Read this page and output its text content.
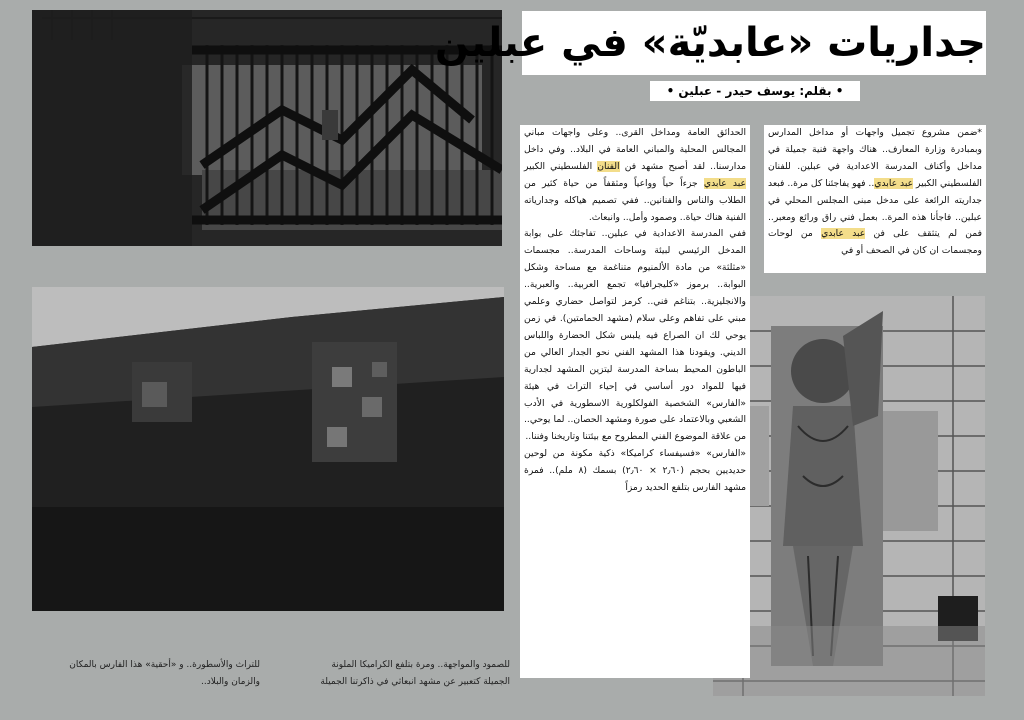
جداريات «عابديّة» في عبلين
• بقلم: يوسف حيدر - عبلين •

*ضمن مشروع تجميل واجهات أو مداخل المدارس وبمبادرة وزارة المعارف.. هناك واجهة فنية جميلة في مداخل وأكناف المدرسة الاعدادية في عبلين. للفنان الفلسطيني الكبير عبد عابدي.. فهو يفاجئنا كل مرة.. فبعد جداريته الرائعة على مدخل مبنى المجلس المحلي في عبلين.. فاجأنا هذه المرة.. بعمل فني راق ورائع ومعبر.. فمن لم يتثقف على فن عبد عابدي من لوحات ومجسمات ان كان في الصحف أو في

الحدائق العامة ومداخل القرى.. وعلى واجهات مباني المجالس المحلية والمباني العامة في البلاد.. وفي داخل مدارسنا.. لقد أصبح مشهد فن الفنان الفلسطيني الكبير عبد عابدي جزءاً حياً وواعياً ومثقفاً من حياة كثير من الطلاب والناس والفنانين.. ففي تصميم هياكله وجدارياته الفنية هناك حياة.. وصمود وأمل.. وانبعاث.

ففي المدرسة الاعدادية في عبلين.. تفاجئك على بوابة المدخل الرئيسي لبيئة وساحات المدرسة.. مجسمات «مثلثة» من مادة الألمنيوم متناغمة مع مساحة وشكل البوابة.. برموز «كليجرافيا» تجمع العربية.. والعبرية.. والانجليزية.. بتناغم فني.. كرمز لتواصل حضاري وعلمي مبني على تفاهم وعلى سلام (مشهد الحمامتين). في زمن يوحي لك ان الصراع فيه يلبس شكل الحضارة واللباس الديني. ويقودنا هذا المشهد الفني نحو الجدار العالي من الباطون المحيط بساحة المدرسة ليتزين المشهد لجدارية فيها للمواد دور أساسي في إحياء التراث في هيئة «الفارس» الشخصية الفولكلورية الاسطورية في الأدب الشعبي وبالاعتماد على صورة ومشهد الحصان.. لما يوحي.. من علاقة الموضوع الفني المطروح مع بيئتنا وتاريخنا وفننا..

«الفارس» «فسيفساء كراميكا» ذكية مكونة من لوحين حديديين بحجم (٢٫٦٠ × ٢٫٦٠) بسمك (٨ ملم).. فمرة مشهد الفارس بتلفع الحديد رمزاً

للصمود والمواجهة.. ومرة بتلفع الكراميكا الملونة
الجميلة كتعبير عن مشهد انبعاثي في ذاكرتنا الجميلة
للتراث والأسطورة.. و «أحقية» هذا الفارس بالمكان
والزمان والبلاد..
